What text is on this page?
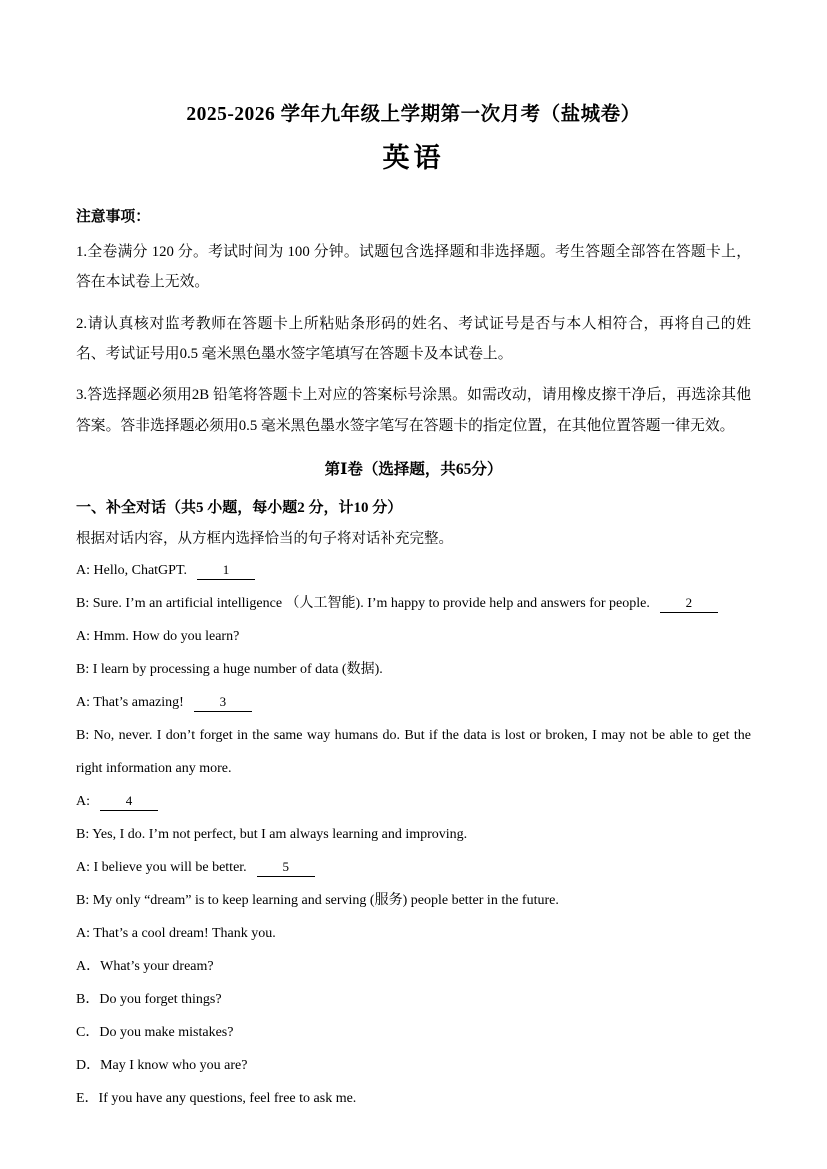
2025-2026 学年九年级上学期第一次月考（盐城卷）
英语
注意事项：

1.全卷满分 120 分。考试时间为 100 分钟。试题包含选择题和非选择题。考生答题全部答在答题卡上，答在本试卷上无效。

2.请认真核对监考教师在答题卡上所粘贴条形码的姓名、考试证号是否与本人相符合，再将自己的姓名、考试证号用0.5 毫米黑色墨水签字笔填写在答题卡及本试卷上。

3.答选择题必须用2B 铅笔将答题卡上对应的答案标号涂黑。如需改动，请用橡皮擦干净后，再选涂其他答案。答非选择题必须用0.5 毫米黑色墨水签字笔写在答题卡的指定位置，在其他位置答题一律无效。

第Ⅰ卷（选择题，共65分）
一、补全对话（共5 小题，每小题2 分，计10 分）

根据对话内容，从方框内选择恰当的句子将对话补充完整。

A: Hello, ChatGPT.	1

B: Sure. I’m an artificial intelligence （人工智能). I’m happy to provide help and answers for people.	2

A: Hmm. How do you learn?

B: I learn by processing a huge number of data (数据).

A: That’s amazing!	3

B: No, never. I don’t forget in the same way humans do. But if the data is lost or broken, I may not be able to get the right information any more.

A:	4

B: Yes, I do. I’m not perfect, but I am always learning and improving.

A: I believe you will be better.	5

B: My only “dream” is to keep learning and serving (服务) people better in the future.

A: That’s a cool dream! Thank you.

A．What’s your dream?

B．Do you forget things?

C．Do you make mistakes?

D．May I know who you are?

E．If you have any questions, feel free to ask me.
